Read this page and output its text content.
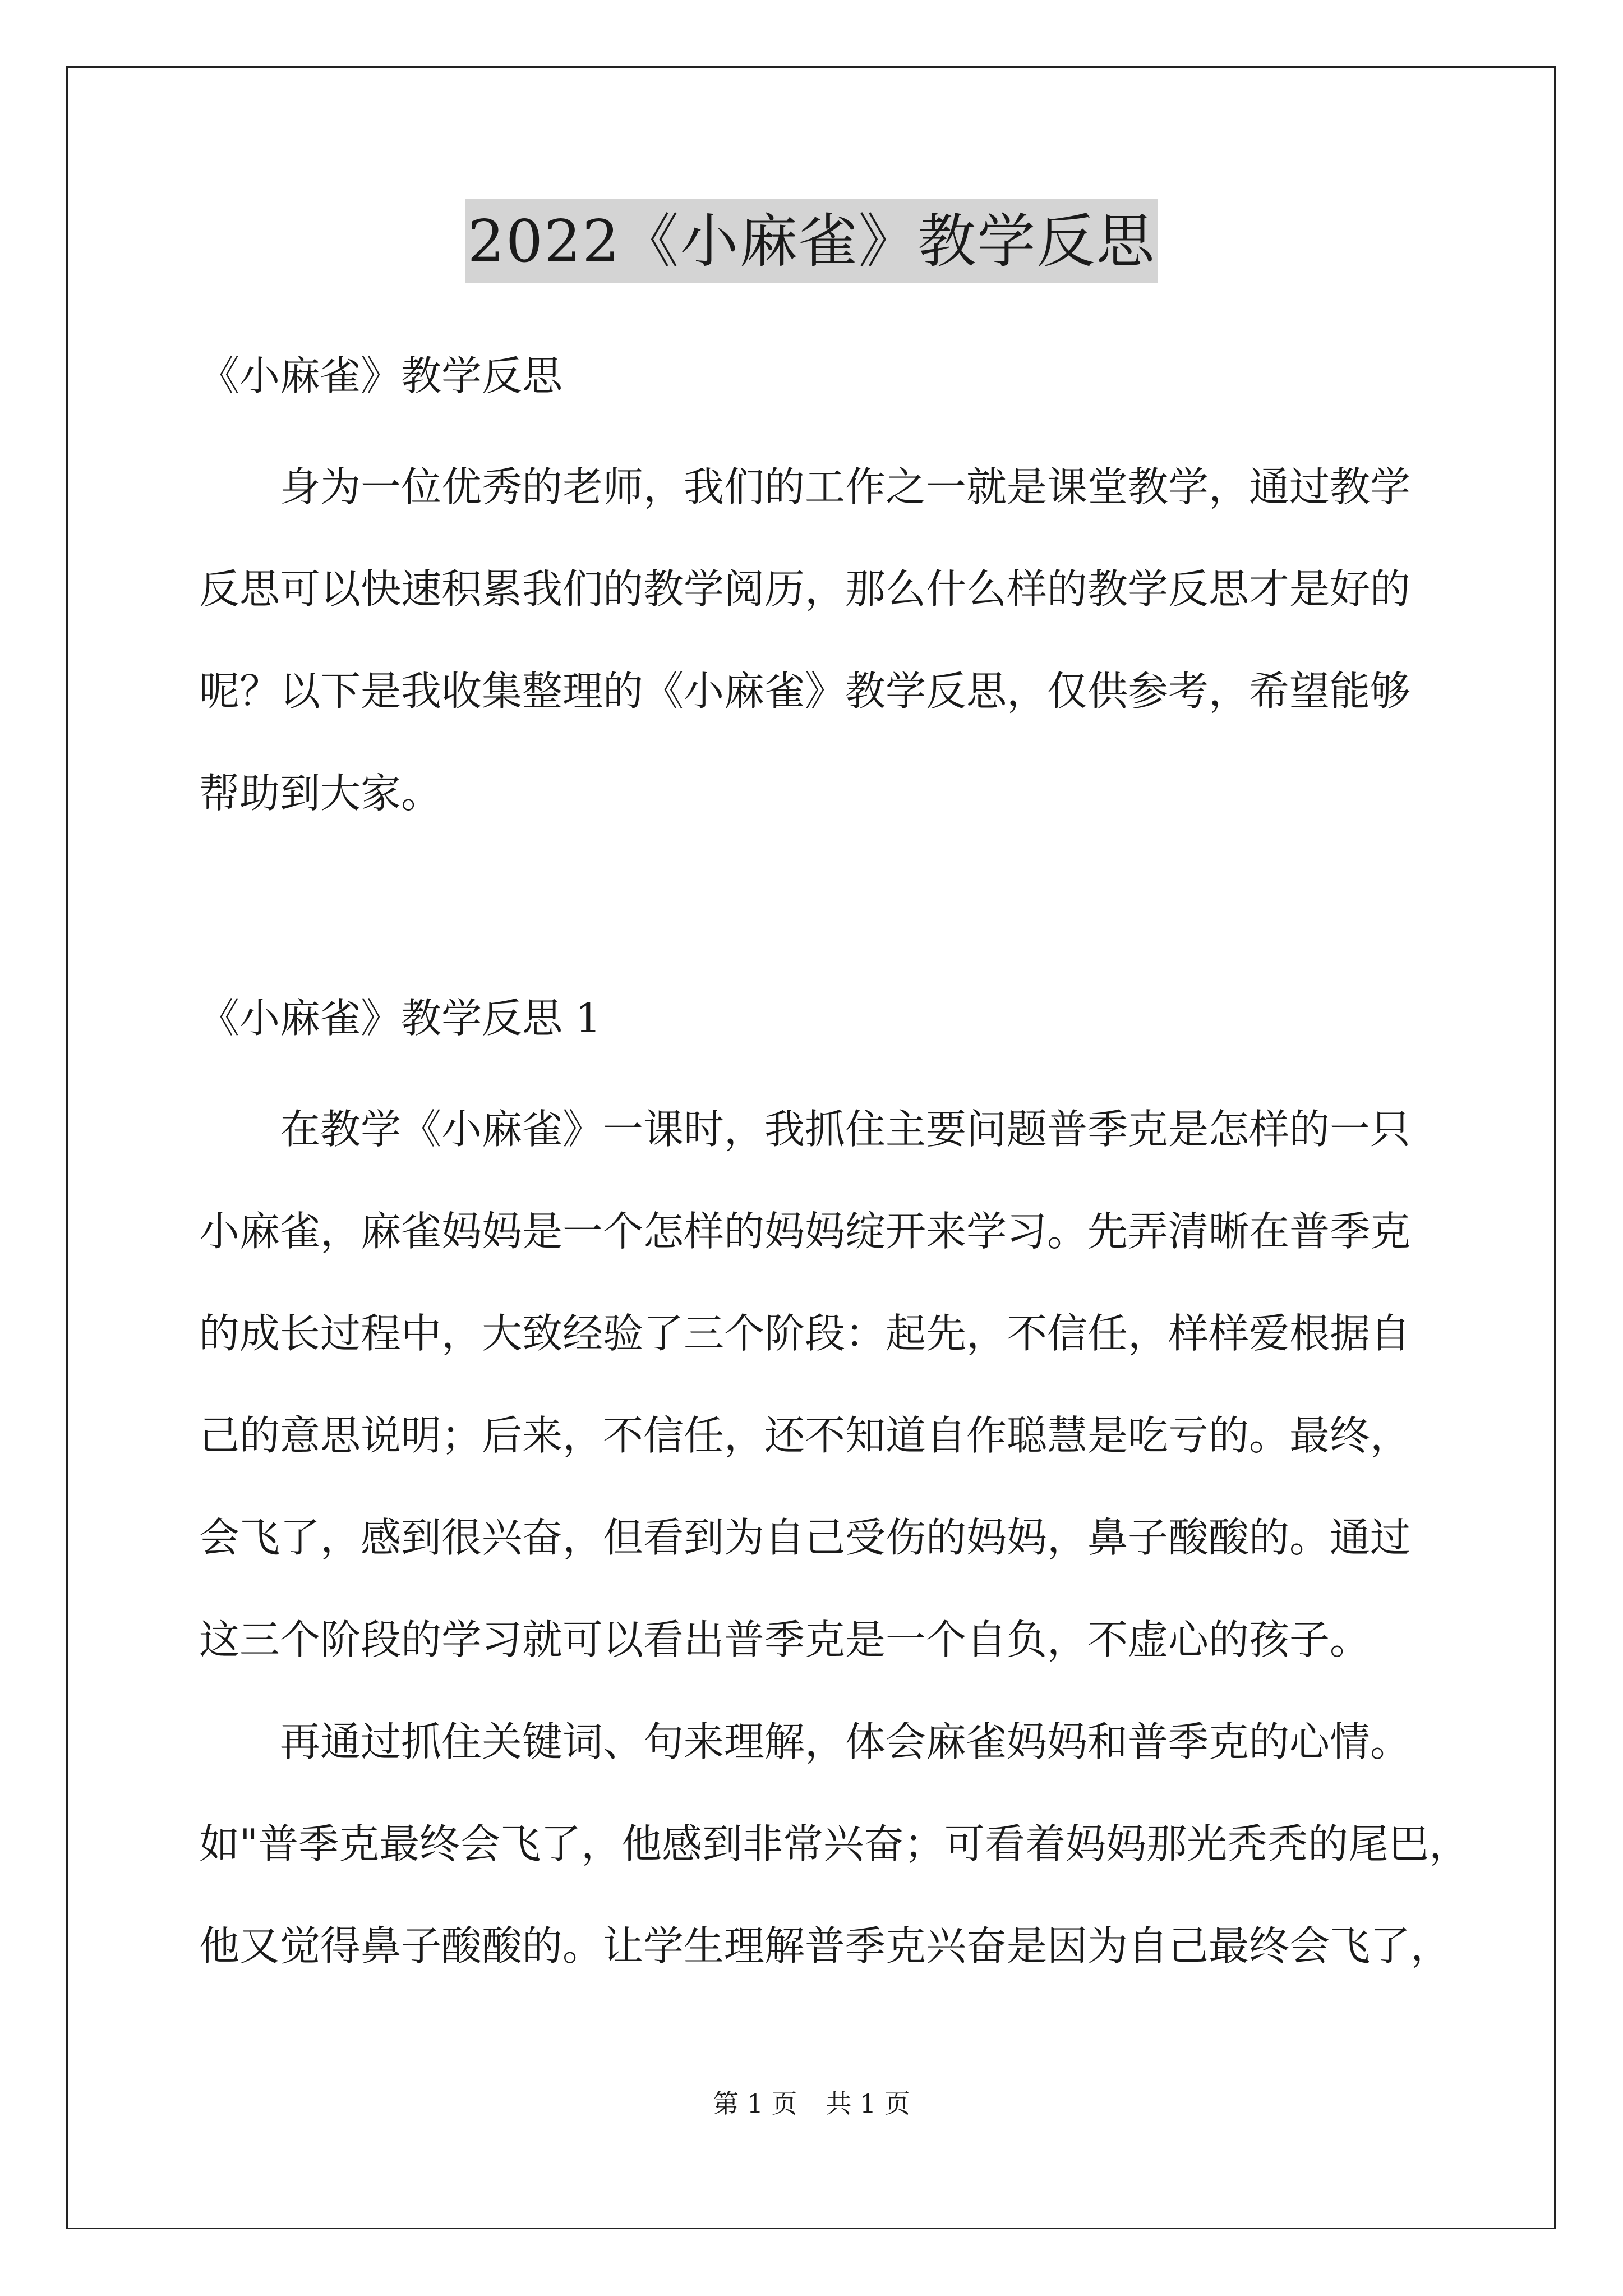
2022《小麻雀》教学反思
《小麻雀》教学反思
　　身为一位优秀的老师，我们的工作之一就是课堂教学，通过教学
反思可以快速积累我们的教学阅历，那么什么样的教学反思才是好的
呢？以下是我收集整理的《小麻雀》教学反思，仅供参考，希望能够
帮助到大家。
《小麻雀》教学反思 1
　　在教学《小麻雀》一课时，我抓住主要问题普季克是怎样的一只
小麻雀，麻雀妈妈是一个怎样的妈妈绽开来学习。先弄清晰在普季克
的成长过程中，大致经验了三个阶段：起先，不信任，样样爱根据自
己的意思说明；后来，不信任，还不知道自作聪慧是吃亏的。最终，
会飞了，感到很兴奋，但看到为自己受伤的妈妈，鼻子酸酸的。通过
这三个阶段的学习就可以看出普季克是一个自负，不虚心的孩子。
　　再通过抓住关键词、句来理解，体会麻雀妈妈和普季克的心情。
如"普季克最终会飞了，他感到非常兴奋；可看着妈妈那光秃秃的尾巴，
他又觉得鼻子酸酸的。让学生理解普季克兴奋是因为自己最终会飞了，
第 1 页 共 1 页
